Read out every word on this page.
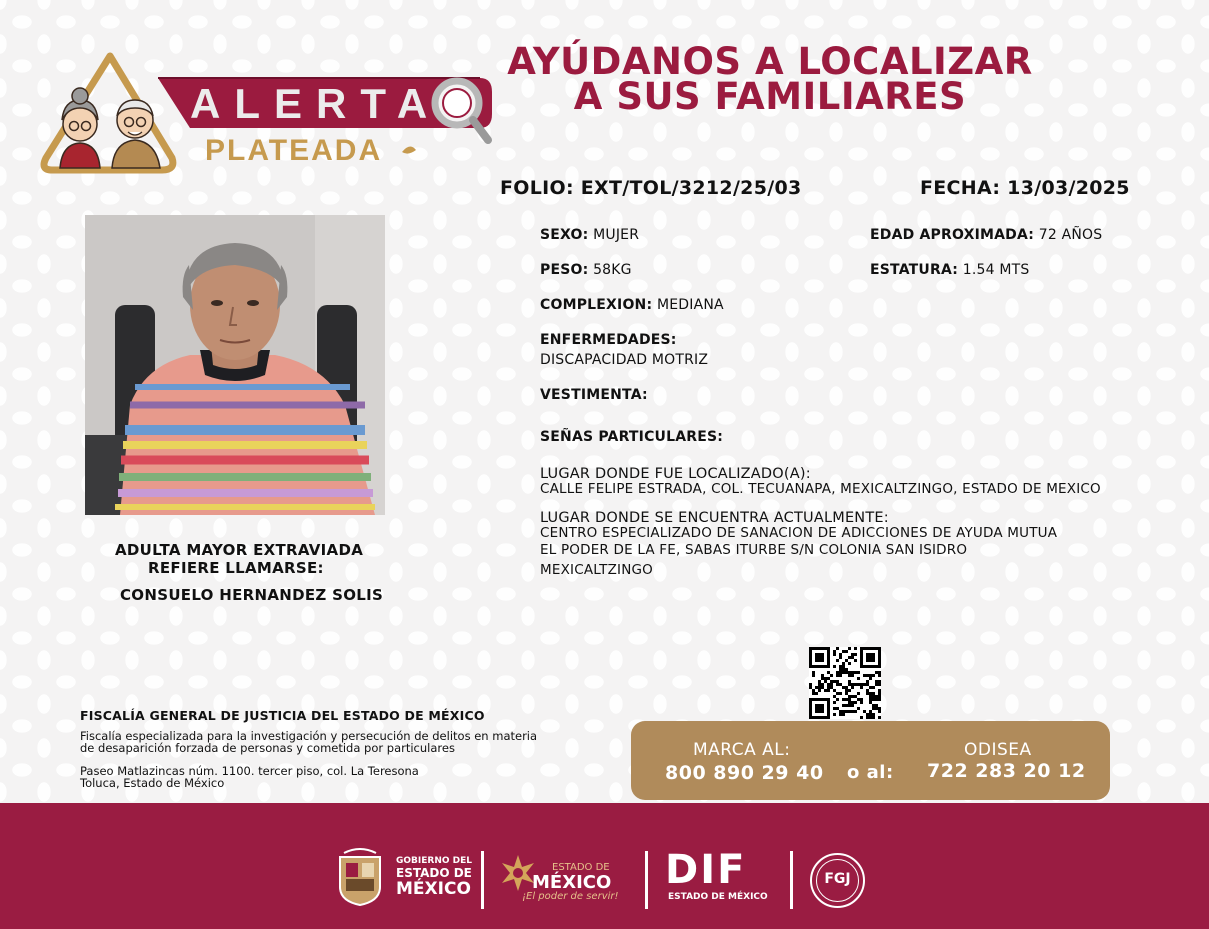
ALERTA
PLATEADA
AYÚDANOS A LOCALIZAR
A SUS FAMILIARES
FOLIO: EXT/TOL/3212/25/03	FECHA: 13/03/2025
ADULTA MAYOR EXTRAVIADA
REFIERE LLAMARSE:
CONSUELO HERNANDEZ SOLIS
SEXO: MUJER	EDAD APROXIMADA: 72 AÑOS
PESO: 58KG	ESTATURA: 1.54 MTS
COMPLEXION: MEDIANA
ENFERMEDADES:
DISCAPACIDAD MOTRIZ
VESTIMENTA:
SEÑAS PARTICULARES:
LUGAR DONDE FUE LOCALIZADO(A):
CALLE FELIPE ESTRADA, COL. TECUANAPA, MEXICALTZINGO, ESTADO DE MEXICO
LUGAR DONDE SE ENCUENTRA ACTUALMENTE:
CENTRO ESPECIALIZADO DE SANACION DE ADICCIONES DE AYUDA MUTUA
EL PODER DE LA FE, SABAS ITURBE S/N COLONIA SAN ISIDRO
MEXICALTZINGO
FISCALÍA GENERAL DE JUSTICIA DEL ESTADO DE MÉXICO
Fiscalía especializada para la investigación y persecución de delitos en materia
de desaparición forzada de personas y cometida por particulares
Paseo Matlazincas núm. 1100. tercer piso, col. La Teresona
Toluca, Estado de México
MARCA AL:
800 890 29 40 o al:
ODISEA
722 283 20 12
GOBIERNO DEL
ESTADO DE
MÉXICO
ESTADO DE
MÉXICO
¡El poder de servir!
DIF
ESTADO DE MÉXICO
FGJ
